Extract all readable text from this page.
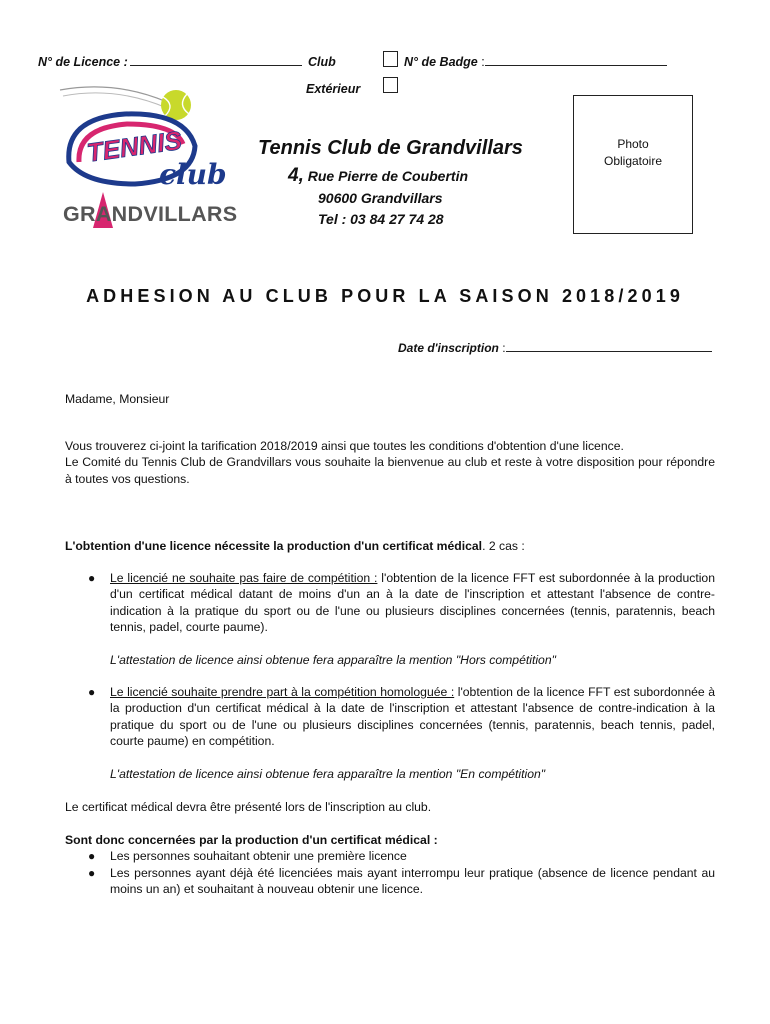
N° de Licence :	Club	N° de Badge :
Extérieur
TENNIS
club
GRANDVILLARS
Tennis Club de Grandvillars
4, Rue Pierre de Coubertin
90600 Grandvillars
Tel : 03 84 27 74 28
Photo
Obligatoire
ADHESION AU CLUB POUR LA SAISON 2018/2019
Date d'inscription :
Madame, Monsieur
Vous trouverez ci-joint la tarification 2018/2019 ainsi que toutes les conditions d'obtention d'une licence.
Le Comité du Tennis Club de Grandvillars vous souhaite la bienvenue au club et reste à votre disposition pour répondre à toutes vos questions.
L'obtention d'une licence nécessite la production d'un certificat médical. 2 cas :
● Le licencié ne souhaite pas faire de compétition : l'obtention de la licence FFT est subordonnée à la production d'un certificat médical datant de moins d'un an à la date de l'inscription et attestant l'absence de contre-indication à la pratique du sport ou de l'une ou plusieurs disciplines concernées (tennis, paratennis, beach tennis, padel, courte paume).
L'attestation de licence ainsi obtenue fera apparaître la mention "Hors compétition"
● Le licencié souhaite prendre part à la compétition homologuée : l'obtention de la licence FFT est subordonnée à la production d'un certificat médical à la date de l'inscription et attestant l'absence de contre-indication à la pratique du sport ou de l'une ou plusieurs disciplines concernées (tennis, paratennis, beach tennis, padel, courte paume) en compétition.
L'attestation de licence ainsi obtenue fera apparaître la mention "En compétition"
Le certificat médical devra être présenté lors de l'inscription au club.
Sont donc concernées par la production d'un certificat médical :
● Les personnes souhaitant obtenir une première licence
● Les personnes ayant déjà été licenciées mais ayant interrompu leur pratique (absence de licence pendant au moins un an) et souhaitant à nouveau obtenir une licence.
